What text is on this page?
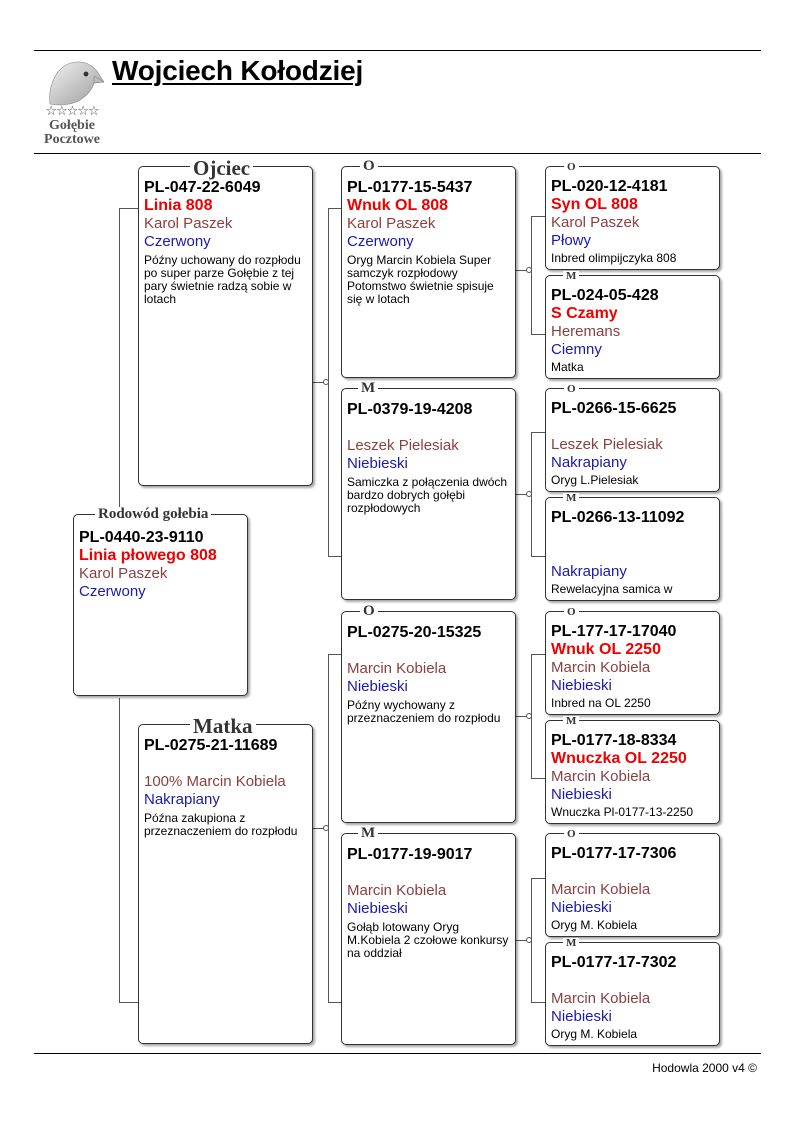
☆☆☆☆☆
Gołębie
Pocztowe
Wojciech Kołodziej
Rodowód gołebia
PL-0440-23-9110
Linia płowego 808
Karol Paszek
Czerwony
Ojciec
PL-047-22-6049
Linia 808
Karol Paszek
Czerwony
Późny uchowany do rozpłodu po super parze Gołębie z tej pary świetnie radzą sobie w lotach
Matka
PL-0275-21-11689
100% Marcin Kobiela
Nakrapiany
Późna zakupiona z przeznaczeniem do rozpłodu
O
PL-0177-15-5437
Wnuk OL 808
Karol Paszek
Czerwony
Oryg Marcin Kobiela Super samczyk rozpłodowy Potomstwo świetnie spisuje się w lotach
M
PL-0379-19-4208
Leszek Pielesiak
Niebieski
Samiczka z połączenia dwóch bardzo dobrych gołębi rozpłodowych
O
PL-0275-20-15325
Marcin Kobiela
Niebieski
Późny wychowany z przeznaczeniem do rozpłodu
M
PL-0177-19-9017
Marcin Kobiela
Niebieski
Gołąb lotowany Oryg M.Kobiela 2 czołowe konkursy na oddział
O
PL-020-12-4181
Syn OL 808
Karol Paszek
Płowy
Inbred olimpijczyka 808
M
PL-024-05-428
S Czamy
Heremans
Ciemny
Matka
O
PL-0266-15-6625
Leszek Pielesiak
Nakrapiany
Oryg L.Pielesiak
M
PL-0266-13-11092
Nakrapiany
Rewelacyjna samica w
O
PL-177-17-17040
Wnuk OL 2250
Marcin Kobiela
Niebieski
Inbred na OL 2250
M
PL-0177-18-8334
Wnuczka OL 2250
Marcin Kobiela
Niebieski
Wnuczka Pl-0177-13-2250
O
PL-0177-17-7306
Marcin Kobiela
Niebieski
Oryg M. Kobiela
M
PL-0177-17-7302
Marcin Kobiela
Niebieski
Oryg M. Kobiela
Hodowla 2000 v4 ©
